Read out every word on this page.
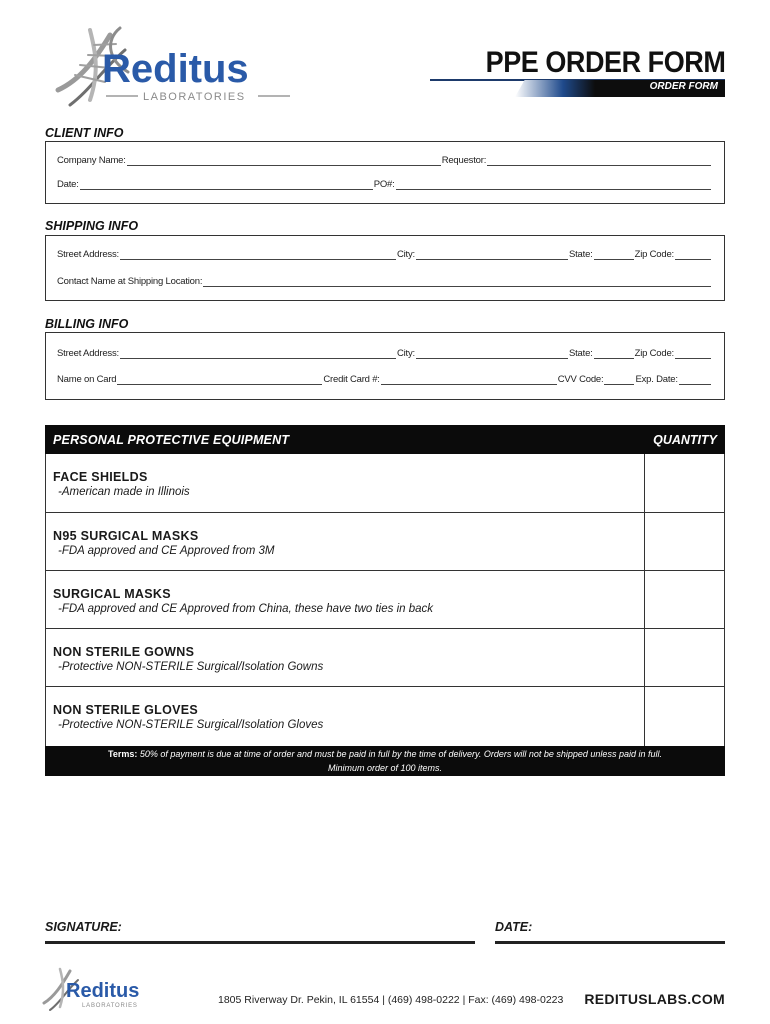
Reditus
LABORATORIES
PPE ORDER FORM
ORDER FORM
CLIENT INFO
Company Name:	Requestor:
Date:	PO#:
SHIPPING INFO
Street Address:	City:	State:	Zip Code:
Contact Name at Shipping Location:
BILLING INFO
Street Address:	City:	State:	Zip Code:
Name on Card	Credit Card #:	CVV Code:	Exp. Date:
PERSONAL PROTECTIVE EQUIPMENT	QUANTITY
FACE SHIELDS
-American made in Illinois
N95 SURGICAL MASKS
-FDA approved and CE Approved from 3M
SURGICAL MASKS
-FDA approved and CE Approved from China, these have two ties in back
NON STERILE GOWNS
-Protective NON-STERILE Surgical/Isolation Gowns
NON STERILE GLOVES
-Protective NON-STERILE Surgical/Isolation Gloves
Terms: 50% of payment is due at time of order and must be paid in full by the time of delivery. Orders will not be shipped unless paid in full.
Minimum order of 100 items.
SIGNATURE:	DATE:
Reditus
LABORATORIES	1805 Riverway Dr. Pekin, IL 61554 | (469) 498-0222 | Fax: (469) 498-0223 REDITUSLABS.COM
